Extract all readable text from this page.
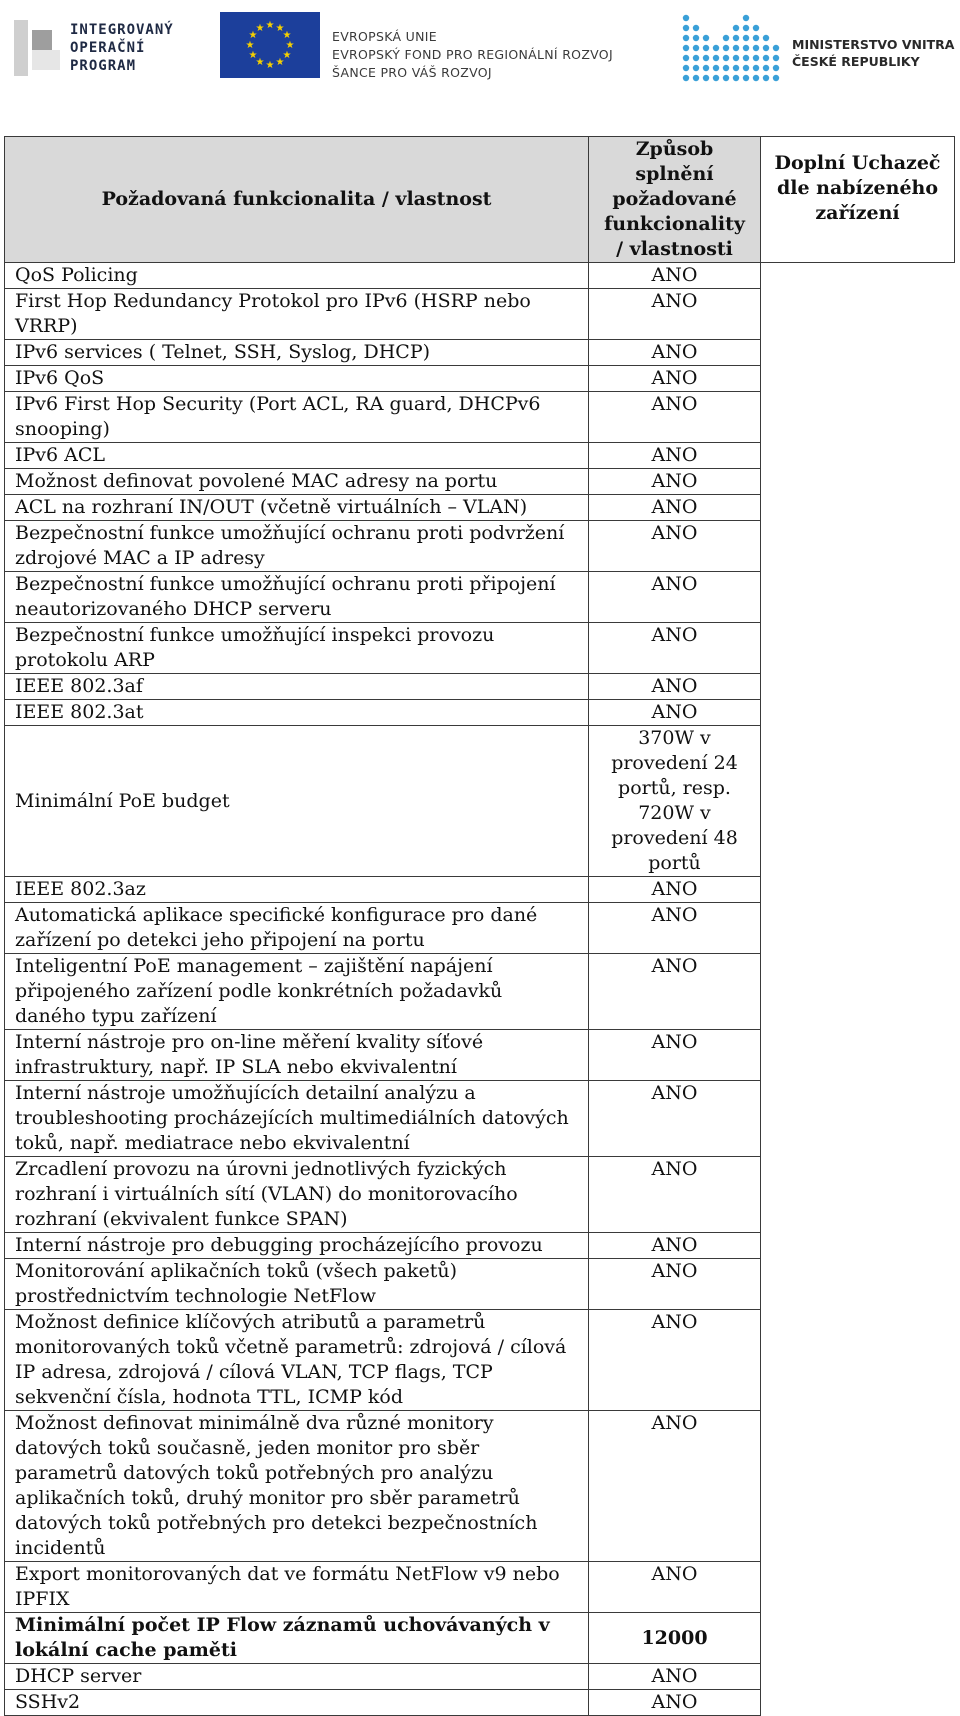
INTEGROVANÝ
OPERAČNÍ
PROGRAM
★ ★
★
★
★
★
★
★
★
★
★
★
EVROPSKÁ UNIE
EVROPSKÝ FOND PRO REGIONÁLNÍ ROZVOJ
ŠANCE PRO VÁŠ ROZVOJ
MINISTERSTVO VNITRA
ČESKÉ REPUBLIKY
Požadovaná funkcionalita / vlastnost	Způsob splnění požadované funkcionality / vlastnosti	Doplní Uchazeč dle nabízeného zařízení
QoS Policing	ANO	
First Hop Redundancy Protokol pro IPv6 (HSRP nebo VRRP)	ANO	
IPv6 services ( Telnet, SSH, Syslog, DHCP)	ANO	
IPv6 QoS	ANO	
IPv6 First Hop Security (Port ACL, RA guard, DHCPv6 snooping)	ANO	
IPv6 ACL	ANO	
Možnost definovat povolené MAC adresy na portu	ANO	
ACL na rozhraní IN/OUT (včetně virtuálních – VLAN)	ANO	
Bezpečnostní funkce umožňující ochranu proti podvržení zdrojové MAC a IP adresy	ANO	
Bezpečnostní funkce umožňující ochranu proti připojení neautorizovaného DHCP serveru	ANO	
Bezpečnostní funkce umožňující inspekci provozu protokolu ARP	ANO	
IEEE 802.3af	ANO	
IEEE 802.3at	ANO	
Minimální PoE budget	370W v provedení 24 portů, resp. 720W v provedení 48 portů	
IEEE 802.3az	ANO	
Automatická aplikace specifické konfigurace pro dané zařízení po detekci jeho připojení na portu	ANO	
Inteligentní PoE management – zajištění napájení připojeného zařízení podle konkrétních požadavků daného typu zařízení	ANO	
Interní nástroje pro on-line měření kvality síťové infrastruktury, např. IP SLA nebo ekvivalentní	ANO	
Interní nástroje umožňujících detailní analýzu a troubleshooting procházejících multimediálních datových toků, např. mediatrace nebo ekvivalentní	ANO	
Zrcadlení provozu na úrovni jednotlivých fyzických rozhraní i virtuálních sítí (VLAN) do monitorovacího rozhraní (ekvivalent funkce SPAN)	ANO	
Interní nástroje pro debugging procházejícího provozu	ANO	
Monitorování aplikačních toků (všech paketů) prostřednictvím technologie NetFlow	ANO	
Možnost definice klíčových atributů a parametrů monitorovaných toků včetně parametrů: zdrojová / cílová IP adresa, zdrojová / cílová VLAN, TCP flags, TCP sekvenční čísla, hodnota TTL, ICMP kód	ANO	
Možnost definovat minimálně dva různé monitory datových toků současně, jeden monitor pro sběr parametrů datových toků potřebných pro analýzu aplikačních toků, druhý monitor pro sběr parametrů datových toků potřebných pro detekci bezpečnostních incidentů	ANO	
Export monitorovaných dat ve formátu NetFlow v9 nebo IPFIX	ANO	
Minimální počet IP Flow záznamů uchovávaných v lokální cache paměti	12000	
DHCP server	ANO	
SSHv2	ANO	
